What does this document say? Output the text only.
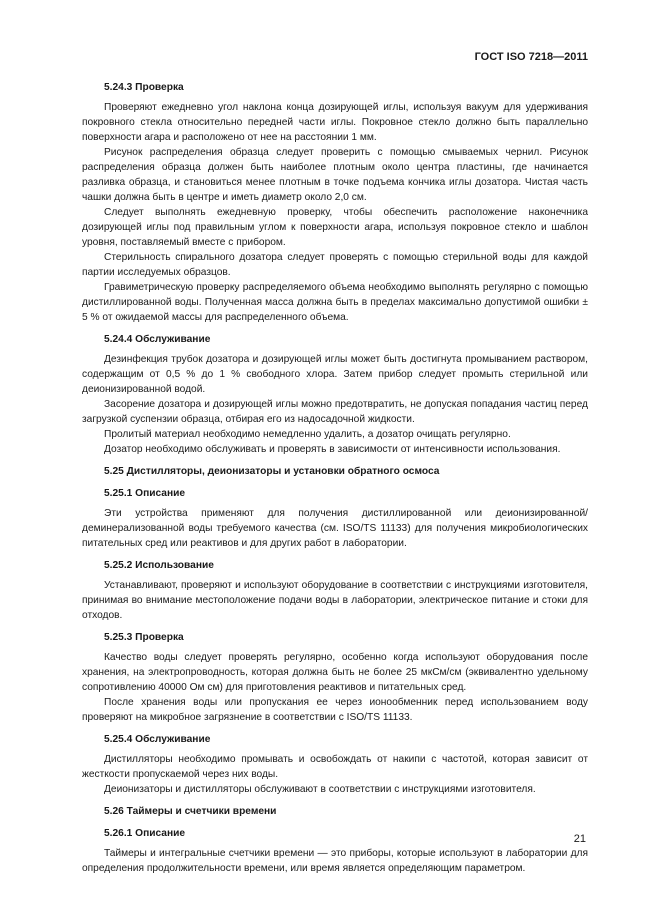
ГОСТ ISO 7218—2011
5.24.3 Проверка

Проверяют ежедневно угол наклона конца дозирующей иглы, используя вакуум для удерживания покровного стекла относительно передней части иглы. Покровное стекло должно быть параллельно поверхности агара и расположено от нее на расстоянии 1 мм.

Рисунок распределения образца следует проверить с помощью смываемых чернил. Рисунок распределения образца должен быть наиболее плотным около центра пластины, где начинается разливка образца, и становиться менее плотным в точке подъема кончика иглы дозатора. Чистая часть чашки должна быть в центре и иметь диаметр около 2,0 см.

Следует выполнять ежедневную проверку, чтобы обеспечить расположение наконечника дозирующей иглы под правильным углом к поверхности агара, используя покровное стекло и шаблон уровня, поставляемый вместе с прибором.

Стерильность спирального дозатора следует проверять с помощью стерильной воды для каждой партии исследуемых образцов.

Гравиметрическую проверку распределяемого объема необходимо выполнять регулярно с помощью дистиллированной воды. Полученная масса должна быть в пределах максимально допустимой ошибки ± 5 % от ожидаемой массы для распределенного объема.

5.24.4 Обслуживание

Дезинфекция трубок дозатора и дозирующей иглы может быть достигнута промыванием раствором, содержащим от 0,5 % до 1 % свободного хлора. Затем прибор следует промыть стерильной или деионизированной водой.

Засорение дозатора и дозирующей иглы можно предотвратить, не допуская попадания частиц перед загрузкой суспензии образца, отбирая его из надосадочной жидкости.

Пролитый материал необходимо немедленно удалить, а дозатор очищать регулярно.

Дозатор необходимо обслуживать и проверять в зависимости от интенсивности использования.

5.25 Дистилляторы, деионизаторы и установки обратного осмоса
5.25.1 Описание

Эти устройства применяют для получения дистиллированной или деионизированной/деминерализованной воды требуемого качества (см. ISO/TS 11133) для получения микробиологических питательных сред или реактивов и для других работ в лаборатории.

5.25.2 Использование

Устанавливают, проверяют и используют оборудование в соответствии с инструкциями изготовителя, принимая во внимание местоположение подачи воды в лаборатории, электрическое питание и стоки для отходов.

5.25.3 Проверка

Качество воды следует проверять регулярно, особенно когда используют оборудования после хранения, на электропроводность, которая должна быть не более 25 мкСм/см (эквивалентно удельному сопротивлению 40000 Ом см) для приготовления реактивов и питательных сред.

После хранения воды или пропускания ее через ионообменник перед использованием воду проверяют на микробное загрязнение в соответствии с ISO/TS 11133.

5.25.4 Обслуживание

Дистилляторы необходимо промывать и освобождать от накипи с частотой, которая зависит от жесткости пропускаемой через них воды.

Деионизаторы и дистилляторы обслуживают в соответствии с инструкциями изготовителя.

5.26 Таймеры и счетчики времени
5.26.1 Описание

Таймеры и интегральные счетчики времени — это приборы, которые используют в лаборатории для определения продолжительности времени, или время является определяющим параметром.

21
